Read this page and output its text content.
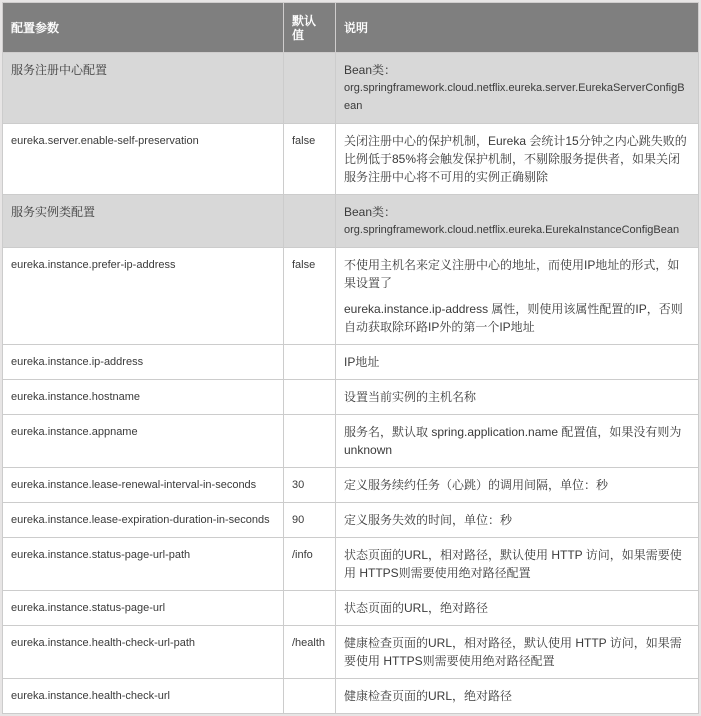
配置参数	默认值	说明
服务注册中心配置		Bean类：
org.springframework.cloud.netflix.eureka.server.EurekaServerConfigBean

eureka.server.enable-self-preservation	false	关闭注册中心的保护机制，Eureka 会统计15分钟之内心跳失败的比例低于85%将会触发保护机制，不剔除服务提供者，如果关闭服务注册中心将不可用的实例正确剔除

服务实例类配置		Bean类：
org.springframework.cloud.netflix.eureka.EurekaInstanceConfigBean

eureka.instance.prefer-ip-address	false	不使用主机名来定义注册中心的地址，而使用IP地址的形式，如果设置了
eureka.instance.ip-address 属性，则使用该属性配置的IP，否则自动获取除环路IP外的第一个IP地址

eureka.instance.ip-address		IP地址

eureka.instance.hostname		设置当前实例的主机名称

eureka.instance.appname		服务名，默认取 spring.application.name 配置值，如果没有则为 unknown

eureka.instance.lease-renewal-interval-in-seconds	30	定义服务续约任务（心跳）的调用间隔，单位：秒

eureka.instance.lease-expiration-duration-in-seconds	90	定义服务失效的时间，单位：秒

eureka.instance.status-page-url-path	/info	状态页面的URL，相对路径，默认使用 HTTP 访问，如果需要使用 HTTPS则需要使用绝对路径配置

eureka.instance.status-page-url		状态页面的URL，绝对路径

eureka.instance.health-check-url-path	/health	健康检查页面的URL，相对路径，默认使用 HTTP 访问，如果需要使用 HTTPS则需要使用绝对路径配置

eureka.instance.health-check-url		健康检查页面的URL，绝对路径
